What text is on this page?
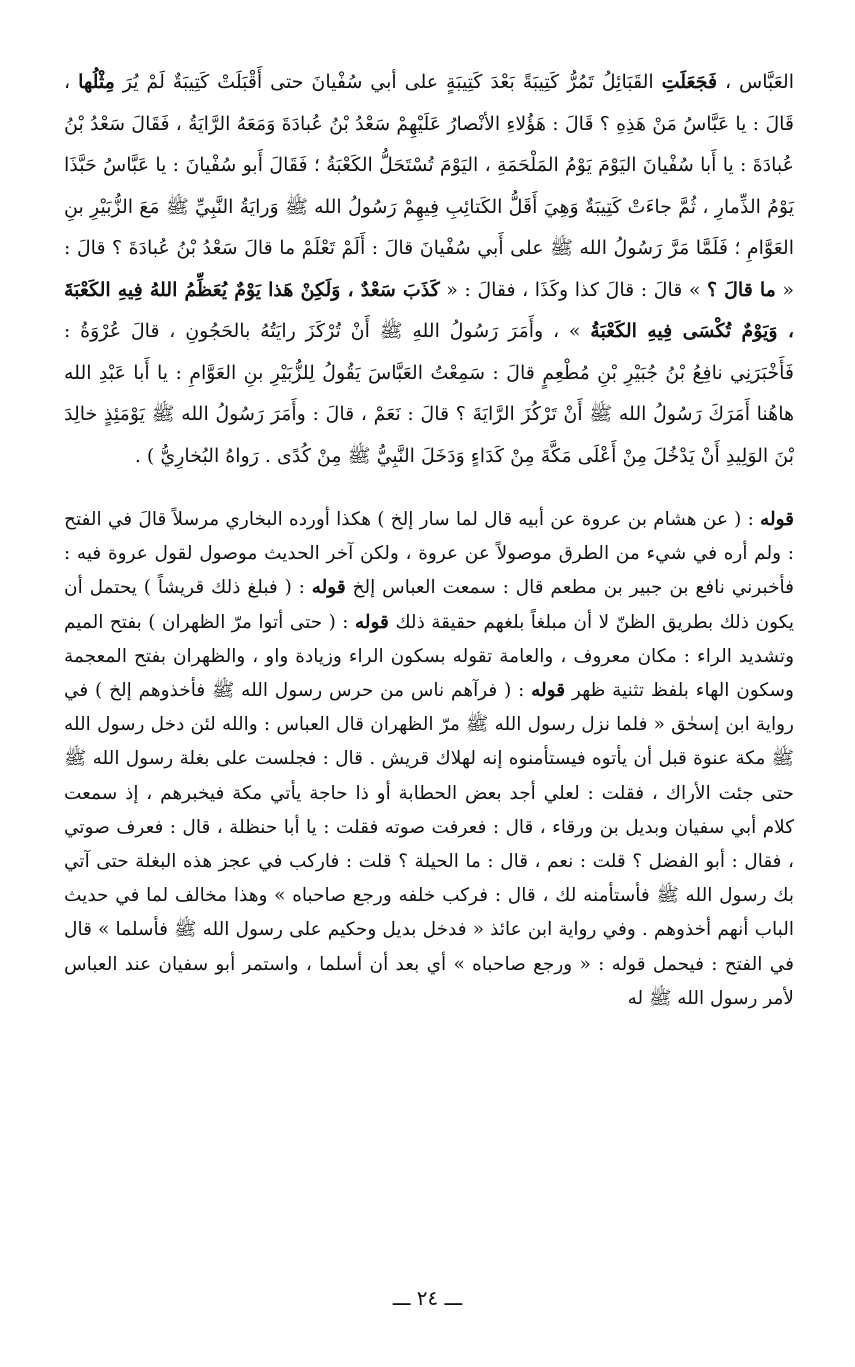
العَبَّاس ، فَجَعَلَتِ القَبَائِلُ تَمُرُّ كَتِيبَةً بَعْدَ كَتِيبَةٍ على أبي سُفْيانَ حتى أَقْبَلَتْ كَتِيبَةٌ لَمْ يُرَ مِثْلُها ، قَالَ : يا عَبَّاسُ مَنْ هَذِهِ ؟ قَالَ : هَؤُلاءِ الأنْصارُ عَلَيْهِمْ سَعْدُ بْنُ عُبادَةَ وَمَعَهُ الرَّايَةُ ، فَقَالَ سَعْدُ بْنُ عُبادَةَ : يا أَبا سُفْيانَ اليَوْمَ يَوْمُ المَلْحَمَةِ ، اليَوْمَ تُسْتَحَلُّ الكَعْبَةُ ؛ فَقَالَ أَبو سُفْيانَ : يا عَبَّاسُ حَبَّذَا يَوْمُ الذِّمارِ ، ثُمَّ جاءَتْ كَتِيبَةٌ وَهِيَ أَقَلُّ الكَتائِبِ فِيهِمْ رَسُولُ الله ﷺ وَرايَةُ النَّبِيِّ ﷺ مَعَ الزُّبَيْرِ بنِ العَوَّامِ ؛ فَلَمَّا مَرَّ رَسُولُ الله ﷺ على أَبي سُفْيانَ قالَ : أَلَمْ تَعْلَمْ ما قالَ سَعْدُ بْنُ عُبادَةَ ؟ قالَ : « ما قالَ ؟ » قالَ : قالَ كذا وكَذَا ، فقالَ : « كَذَبَ سَعْدٌ ، وَلَكِنْ هَذا يَوْمٌ يُعَظِّمُ اللهُ فِيهِ الكَعْبَةَ ، وَيَوْمٌ تُكْسَى فِيهِ الكَعْبَةُ » ، وأَمَرَ رَسُولُ اللهِ ﷺ أَنْ تُرْكَزَ رايَتُهُ بالحَجُونِ ، قالَ عُرْوَةُ : فَأَخْبَرَنِي نافِعُ بْنُ جُبَيْرِ بْنِ مُطْعِمٍ قالَ : سَمِعْتُ العَبَّاسَ يَقُولُ لِلزُّبَيْرِ بنِ العَوَّامِ : يا أَبا عَبْدِ الله هاهُنا أَمَرَكَ رَسُولُ الله ﷺ أَنْ تَرْكُزَ الرَّايَةَ ؟ قالَ : نَعَمْ ، قالَ : وأَمَرَ رَسُولُ الله ﷺ يَوْمَئِذٍ خالِدَ بْنَ الوَلِيدِ أَنْ يَدْخُلَ مِنْ أَعْلَى مَكَّةَ مِنْ كَدَاءٍ وَدَخَلَ النَّبِيُّ ﷺ مِنْ كُدًى . رَواهُ البُخارِيُّ ) .

قوله : ( عن هشام بن عروة عن أبيه قال لما سار إلخ ) هكذا أورده البخاري مرسلاً قالَ في الفتح : ولم أره في شيء من الطرق موصولاً عن عروة ، ولكن آخر الحديث موصول لقول عروة فيه : فأخبرني نافع بن جبير بن مطعم قال : سمعت العباس إلخ قوله : ( فبلغ ذلك قريشاً ) يحتمل أن يكون ذلك بطريق الظنّ لا أن مبلغاً بلغهم حقيقة ذلك قوله : ( حتى أتوا مرّ الظهران ) بفتح الميم وتشديد الراء : مكان معروف ، والعامة تقوله بسكون الراء وزيادة واو ، والظهران بفتح المعجمة وسكون الهاء بلفظ تثنية ظهر قوله : ( فرآهم ناس من حرس رسول الله ﷺ فأخذوهم إلخ ) في رواية ابن إسحٰق « فلما نزل رسول الله ﷺ مرّ الظهران قال العباس : والله لئن دخل رسول الله ﷺ مكة عنوة قبل أن يأتوه فيستأمنوه إنه لهلاك قريش . قال : فجلست على بغلة رسول الله ﷺ حتى جئت الأراك ، فقلت : لعلي أجد بعض الحطابة أو ذا حاجة يأتي مكة فيخبرهم ، إذ سمعت كلام أبي سفيان وبديل بن ورقاء ، قال : فعرفت صوته فقلت : يا أبا حنظلة ، قال : فعرف صوتي ، فقال : أبو الفضل ؟ قلت : نعم ، قال : ما الحيلة ؟ قلت : فاركب في عجز هذه البغلة حتى آتي بك رسول الله ﷺ فأستأمنه لك ، قال : فركب خلفه ورجع صاحباه » وهذا مخالف لما في حديث الباب أنهم أخذوهم . وفي رواية ابن عائذ « فدخل بديل وحكيم على رسول الله ﷺ فأسلما » قال في الفتح : فيحمل قوله : « ورجع صاحباه » أي بعد أن أسلما ، واستمر أبو سفيان عند العباس لأمر رسول الله ﷺ له

ـــ ٢٤ ـــ
